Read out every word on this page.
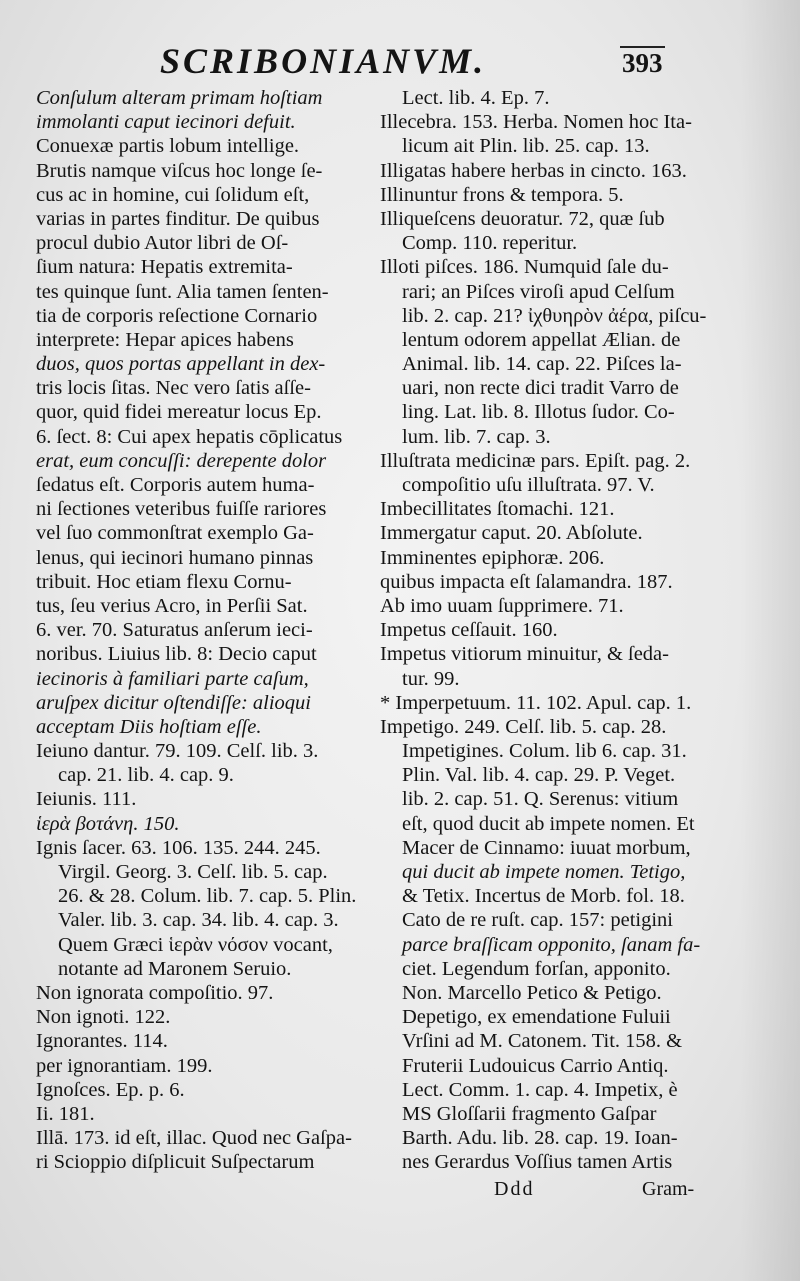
SCRIBONIANVM.	393
Conſulum alteram primam hoſtiam
immolanti caput iecinori defuit.
Conuexæ partis lobum intellige.
Brutis namque viſcus hoc longe ſe-
cus ac in homine, cui ſolidum eſt,
varias in partes finditur. De quibus
procul dubio Autor libri de Oſ-
ſium natura: Hepatis extremita-
tes quinque ſunt. Alia tamen ſenten-
tia de corporis reſectione Cornario
interprete: Hepar apices habens
duos, quos portas appellant in dex-
tris locis ſitas. Nec vero ſatis aſſe-
quor, quid fidei mereatur locus Ep.
6. ſect. 8: Cui apex hepatis cōplicatus
erat, eum concuſſi: derepente dolor
ſedatus eſt. Corporis autem huma-
ni ſectiones veteribus fuiſſe rariores
vel ſuo commonſtrat exemplo Ga-
lenus, qui iecinori humano pinnas
tribuit. Hoc etiam flexu Cornu-
tus, ſeu verius Acro, in Perſii Sat.
6. ver. 70. Saturatus anſerum ieci-
noribus. Liuius lib. 8: Decio caput
iecinoris à familiari parte caſum,
aruſpex dicitur oſtendiſſe: alioqui
acceptam Diis hoſtiam eſſe.
Ieiuno dantur. 79. 109. Celſ. lib. 3.
cap. 21. lib. 4. cap. 9.
Ieiunis. 111.
ἱερὰ βοτάνη. 150.
Ignis ſacer. 63. 106. 135. 244. 245.
Virgil. Georg. 3. Celſ. lib. 5. cap.
26. & 28. Colum. lib. 7. cap. 5. Plin.
Valer. lib. 3. cap. 34. lib. 4. cap. 3.
Quem Græci ἱερὰν νόσον vocant,
notante ad Maronem Seruio.
Non ignorata compoſitio. 97.
Non ignoti. 122.
Ignorantes. 114.
per ignorantiam. 199.
Ignoſces. Ep. p. 6.
Ii. 181.
Illā. 173. id eſt, illac. Quod nec Gaſpa-
ri Scioppio diſplicuit Suſpectarum
Lect. lib. 4. Ep. 7.
Illecebra. 153. Herba. Nomen hoc Ita-
licum ait Plin. lib. 25. cap. 13.
Illigatas habere herbas in cincto. 163.
Illinuntur frons & tempora. 5.
Illiqueſcens deuoratur. 72, quæ ſub
Comp. 110. reperitur.
Illoti piſces. 186. Numquid ſale du-
rari; an Piſces viroſi apud Celſum
lib. 2. cap. 21? ἰχθυηρὸν ἀέρα, piſcu-
lentum odorem appellat Ælian. de
Animal. lib. 14. cap. 22. Piſces la-
uari, non recte dici tradit Varro de
ling. Lat. lib. 8. Illotus ſudor. Co-
lum. lib. 7. cap. 3.
Illuſtrata medicinæ pars. Epiſt. pag. 2.
compoſitio uſu illuſtrata. 97. V.
Imbecillitates ſtomachi. 121.
Immergatur caput. 20. Abſolute.
Imminentes epiphoræ. 206.
quibus impacta eſt ſalamandra. 187.
Ab imo uuam ſupprimere. 71.
Impetus ceſſauit. 160.
Impetus vitiorum minuitur, & ſeda-
tur. 99.
* Imperpetuum. 11. 102. Apul. cap. 1.
Impetigo. 249. Celſ. lib. 5. cap. 28.
Impetigines. Colum. lib 6. cap. 31.
Plin. Val. lib. 4. cap. 29. P. Veget.
lib. 2. cap. 51. Q. Serenus: vitium
eſt, quod ducit ab impete nomen. Et
Macer de Cinnamo: iuuat morbum,
qui ducit ab impete nomen. Tetigo,
& Tetix. Incertus de Morb. fol. 18.
Cato de re ruſt. cap. 157: petigini
parce braſſicam opponito, ſanam fa-
ciet. Legendum forſan, apponito.
Non. Marcello Petico & Petigo.
Depetigo, ex emendatione Fuluii
Vrſini ad M. Catonem. Tit. 158. &
Fruterii Ludouicus Carrio Antiq.
Lect. Comm. 1. cap. 4. Impetix, è
MS Gloſſarii fragmento Gaſpar
Barth. Adu. lib. 28. cap. 19. Ioan-
nes Gerardus Voſſius tamen Artis
Ddd	Gram-
